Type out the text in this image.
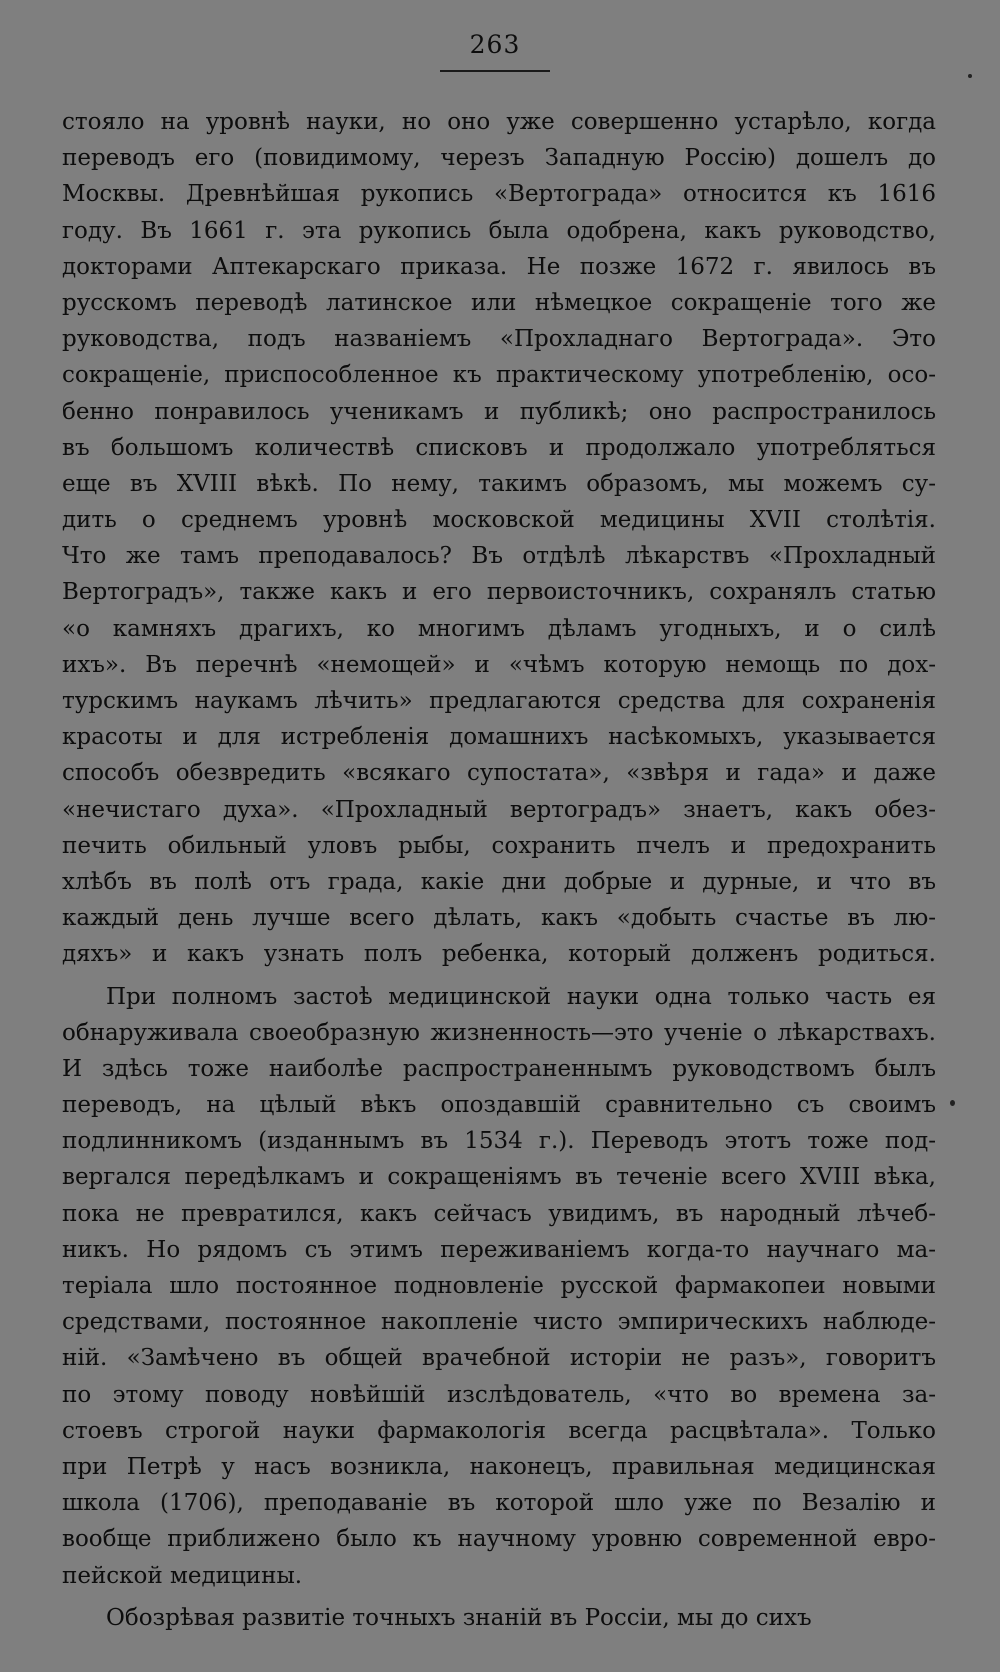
263
стояло на уровнѣ науки, но оно уже совершенно устарѣло, когда
переводъ его (повидимому, черезъ Западную Россію) дошелъ до
Москвы. Древнѣйшая рукопись «Вертограда» относится къ 1616
году. Въ 1661 г. эта рукопись была одобрена, какъ руководство,
докторами Аптекарскаго приказа. Не позже 1672 г. явилось въ
русскомъ переводѣ латинское или нѣмецкое сокращеніе того же
руководства, подъ названіемъ «Прохладнаго Вертограда». Это
сокращеніе, приспособленное къ практическому употребленію, осо-
бенно понравилось ученикамъ и публикѣ; оно распространилось
въ большомъ количествѣ списковъ и продолжало употребляться
еще въ XVIII вѣкѣ. По нему, такимъ образомъ, мы можемъ су-
дить о среднемъ уровнѣ московской медицины XVII столѣтія.
Что же тамъ преподавалось? Въ отдѣлѣ лѣкарствъ «Прохладный
Вертоградъ», также какъ и его первоисточникъ, сохранялъ статью
«о камняхъ драгихъ, ко многимъ дѣламъ угодныхъ, и о силѣ
ихъ». Въ перечнѣ «немощей» и «чѣмъ которую немощь по дох-
турскимъ наукамъ лѣчить» предлагаются средства для сохраненія
красоты и для истребленія домашнихъ насѣкомыхъ, указывается
способъ обезвредить «всякаго супостата», «звѣря и гада» и даже
«нечистаго духа». «Прохладный вертоградъ» знаетъ, какъ обез-
печить обильный уловъ рыбы, сохранить пчелъ и предохранить
хлѣбъ въ полѣ отъ града, какіе дни добрые и дурные, и что въ
каждый день лучше всего дѣлать, какъ «добыть счастье въ лю-
дяхъ» и какъ узнать полъ ребенка, который долженъ родиться.
При полномъ застоѣ медицинской науки одна только часть ея
обнаруживала своеобразную жизненность—это ученіе о лѣкарствахъ.
И здѣсь тоже наиболѣе распространеннымъ руководствомъ былъ
переводъ, на цѣлый вѣкъ опоздавшій сравнительно съ своимъ
подлинникомъ (изданнымъ въ 1534 г.). Переводъ этотъ тоже под-
вергался передѣлкамъ и сокращеніямъ въ теченіе всего XVIII вѣка,
пока не превратился, какъ сейчасъ увидимъ, въ народный лѣчеб-
никъ. Но рядомъ съ этимъ переживаніемъ когда-то научнаго ма-
теріала шло постоянное подновленіе русской фармакопеи новыми
средствами, постоянное накопленіе чисто эмпирическихъ наблюде-
ній. «Замѣчено въ общей врачебной исторіи не разъ», говоритъ
по этому поводу новѣйшій изслѣдователь, «что во времена за-
стоевъ строгой науки фармакологія всегда расцвѣтала». Только
при Петрѣ у насъ возникла, наконецъ, правильная медицинская
школа (1706), преподаваніе въ которой шло уже по Везалію и
вообще приближено было къ научному уровню современной евро-
пейской медицины.
Обозрѣвая развитіе точныхъ знаній въ Россіи, мы до сихъ
